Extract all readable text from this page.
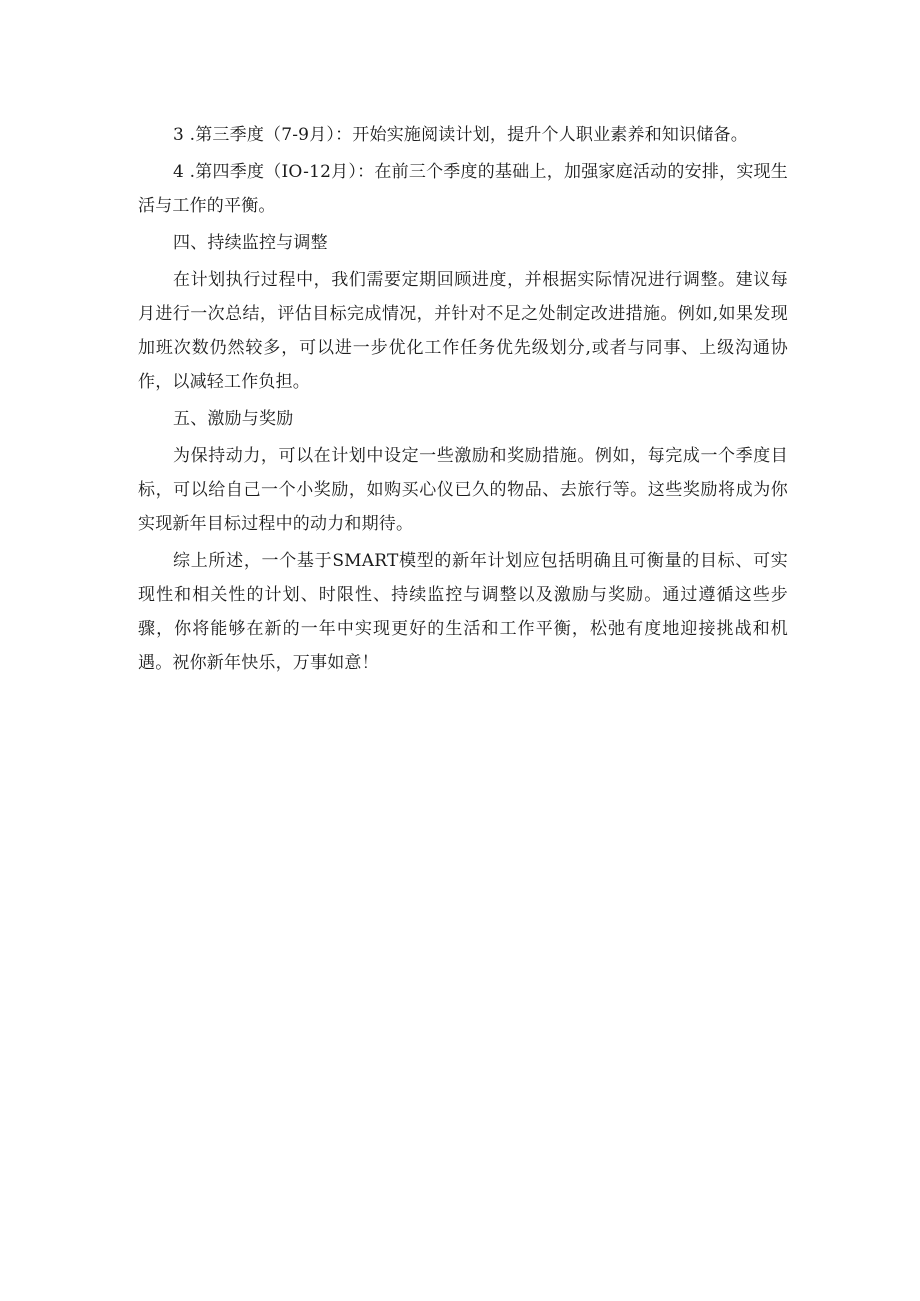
3 .第三季度（7-9月）：开始实施阅读计划，提升个人职业素养和知识储备。

4 .第四季度（IO-12月）：在前三个季度的基础上，加强家庭活动的安排，实现生活与工作的平衡。

四、持续监控与调整

在计划执行过程中，我们需要定期回顾进度，并根据实际情况进行调整。建议每月进行一次总结，评估目标完成情况，并针对不足之处制定改进措施。例如,如果发现加班次数仍然较多，可以进一步优化工作任务优先级划分,或者与同事、上级沟通协作，以减轻工作负担。

五、激励与奖励

为保持动力，可以在计划中设定一些激励和奖励措施。例如，每完成一个季度目标，可以给自己一个小奖励，如购买心仪已久的物品、去旅行等。这些奖励将成为你实现新年目标过程中的动力和期待。

综上所述，一个基于SMART模型的新年计划应包括明确且可衡量的目标、可实现性和相关性的计划、时限性、持续监控与调整以及激励与奖励。通过遵循这些步骤，你将能够在新的一年中实现更好的生活和工作平衡，松弛有度地迎接挑战和机遇。祝你新年快乐，万事如意！
